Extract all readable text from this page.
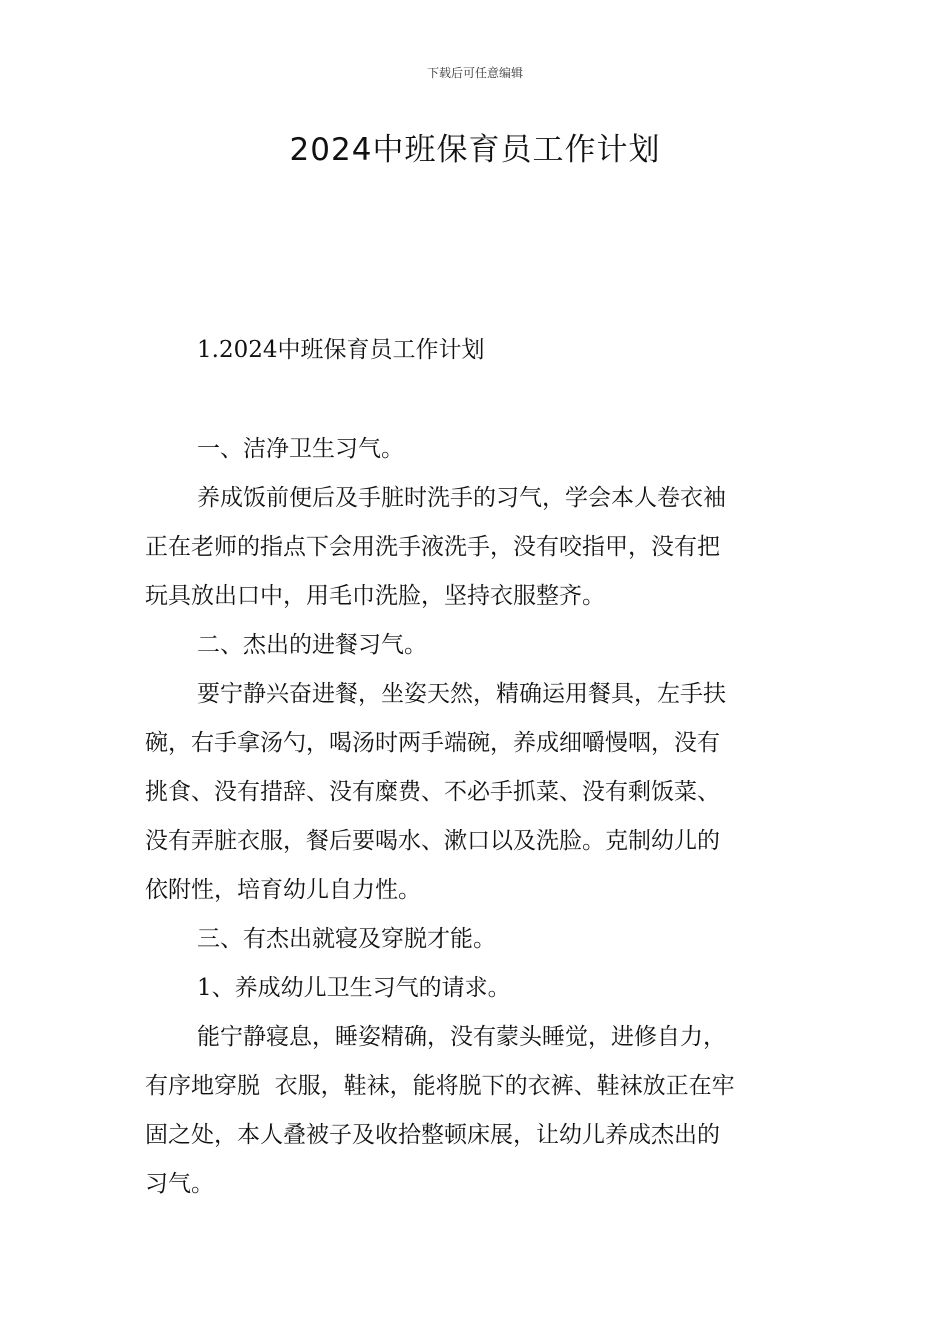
下载后可任意编辑
2024中班保育员工作计划
1.2024中班保育员工作计划
一、洁净卫生习气。
养成饭前便后及手脏时洗手的习气，学会本人卷衣袖
正在老师的指点下会用洗手液洗手，没有咬指甲，没有把
玩具放出口中，用毛巾洗脸，坚持衣服整齐。
二、杰出的进餐习气。
要宁静兴奋进餐，坐姿天然，精确运用餐具，左手扶
碗，右手拿汤勺，喝汤时两手端碗，养成细嚼慢咽，没有
挑食、没有措辞、没有糜费、不必手抓菜、没有剩饭菜、
没有弄脏衣服，餐后要喝水、漱口以及洗脸。克制幼儿的
依附性，培育幼儿自力性。
三、有杰出就寝及穿脱才能。
1、养成幼儿卫生习气的请求。
能宁静寝息，睡姿精确，没有蒙头睡觉，进修自力，
有序地穿脱  衣服，鞋袜，能将脱下的衣裤、鞋袜放正在牢
固之处，本人叠被子及收拾整顿床展，让幼儿养成杰出的
习气。
